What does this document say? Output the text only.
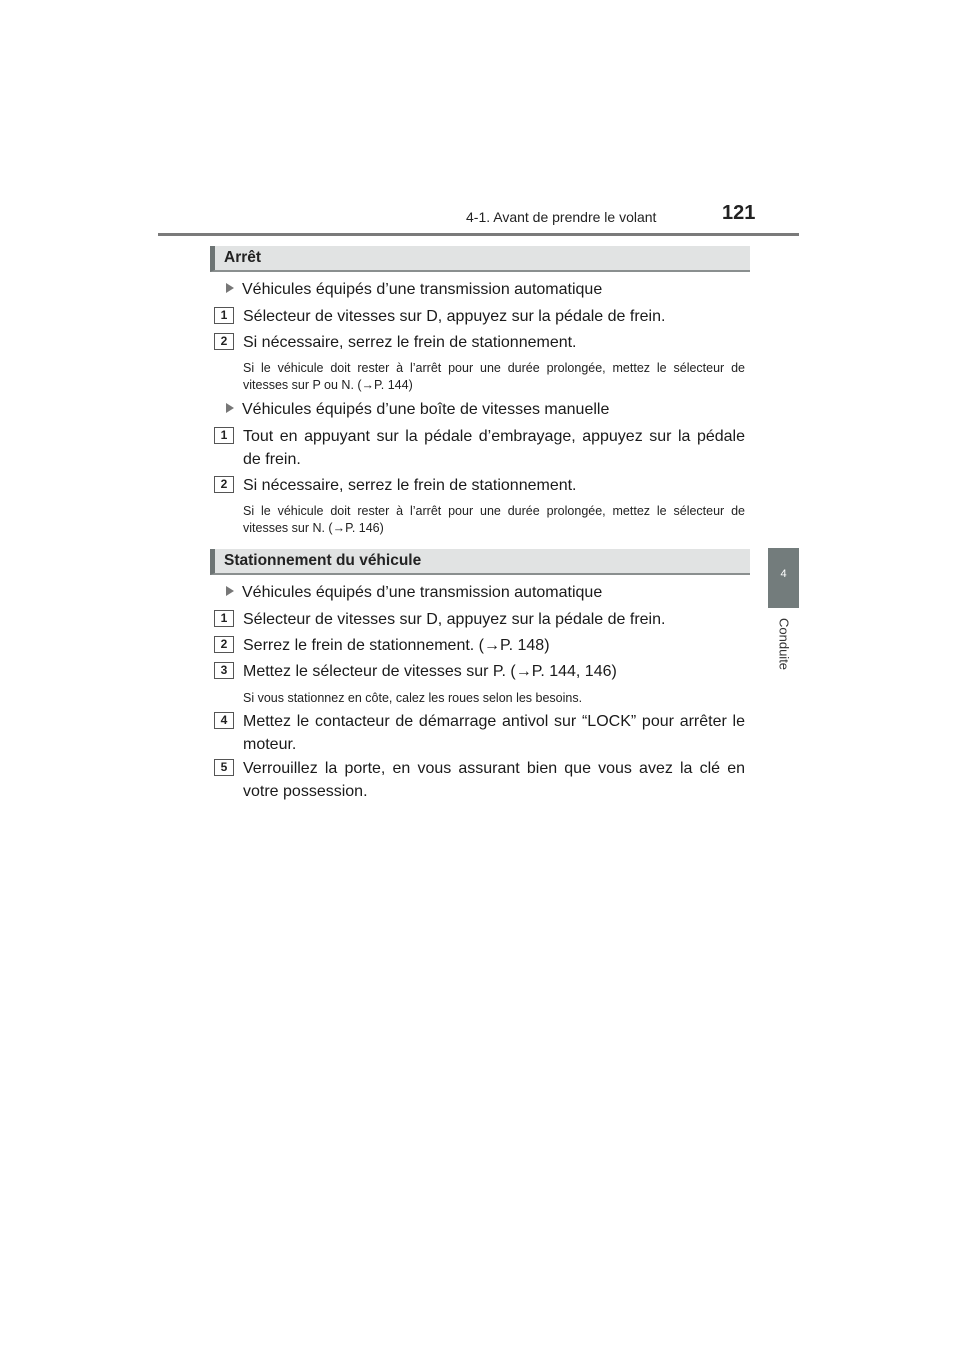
4-1. Avant de prendre le volant	121
4
Conduite
Arrêt
Véhicules équipés d’une transmission automatique
1 Sélecteur de vitesses sur D, appuyez sur la pédale de frein.
2 Si nécessaire, serrez le frein de stationnement.
Si le véhicule doit rester à l’arrêt pour une durée prolongée, mettez le sélecteur de vitesses sur P ou N. (→P. 144)
Véhicules équipés d’une boîte de vitesses manuelle
1 Tout en appuyant sur la pédale d’embrayage, appuyez sur la pédale de frein.
2 Si nécessaire, serrez le frein de stationnement.
Si le véhicule doit rester à l’arrêt pour une durée prolongée, mettez le sélecteur de vitesses sur N. (→P. 146)
Stationnement du véhicule
Véhicules équipés d’une transmission automatique
1 Sélecteur de vitesses sur D, appuyez sur la pédale de frein.
2 Serrez le frein de stationnement. (→P. 148)
3 Mettez le sélecteur de vitesses sur P. (→P. 144, 146)
Si vous stationnez en côte, calez les roues selon les besoins.
4 Mettez le contacteur de démarrage antivol sur “LOCK” pour arrêter le moteur.
5 Verrouillez la porte, en vous assurant bien que vous avez la clé en votre possession.
